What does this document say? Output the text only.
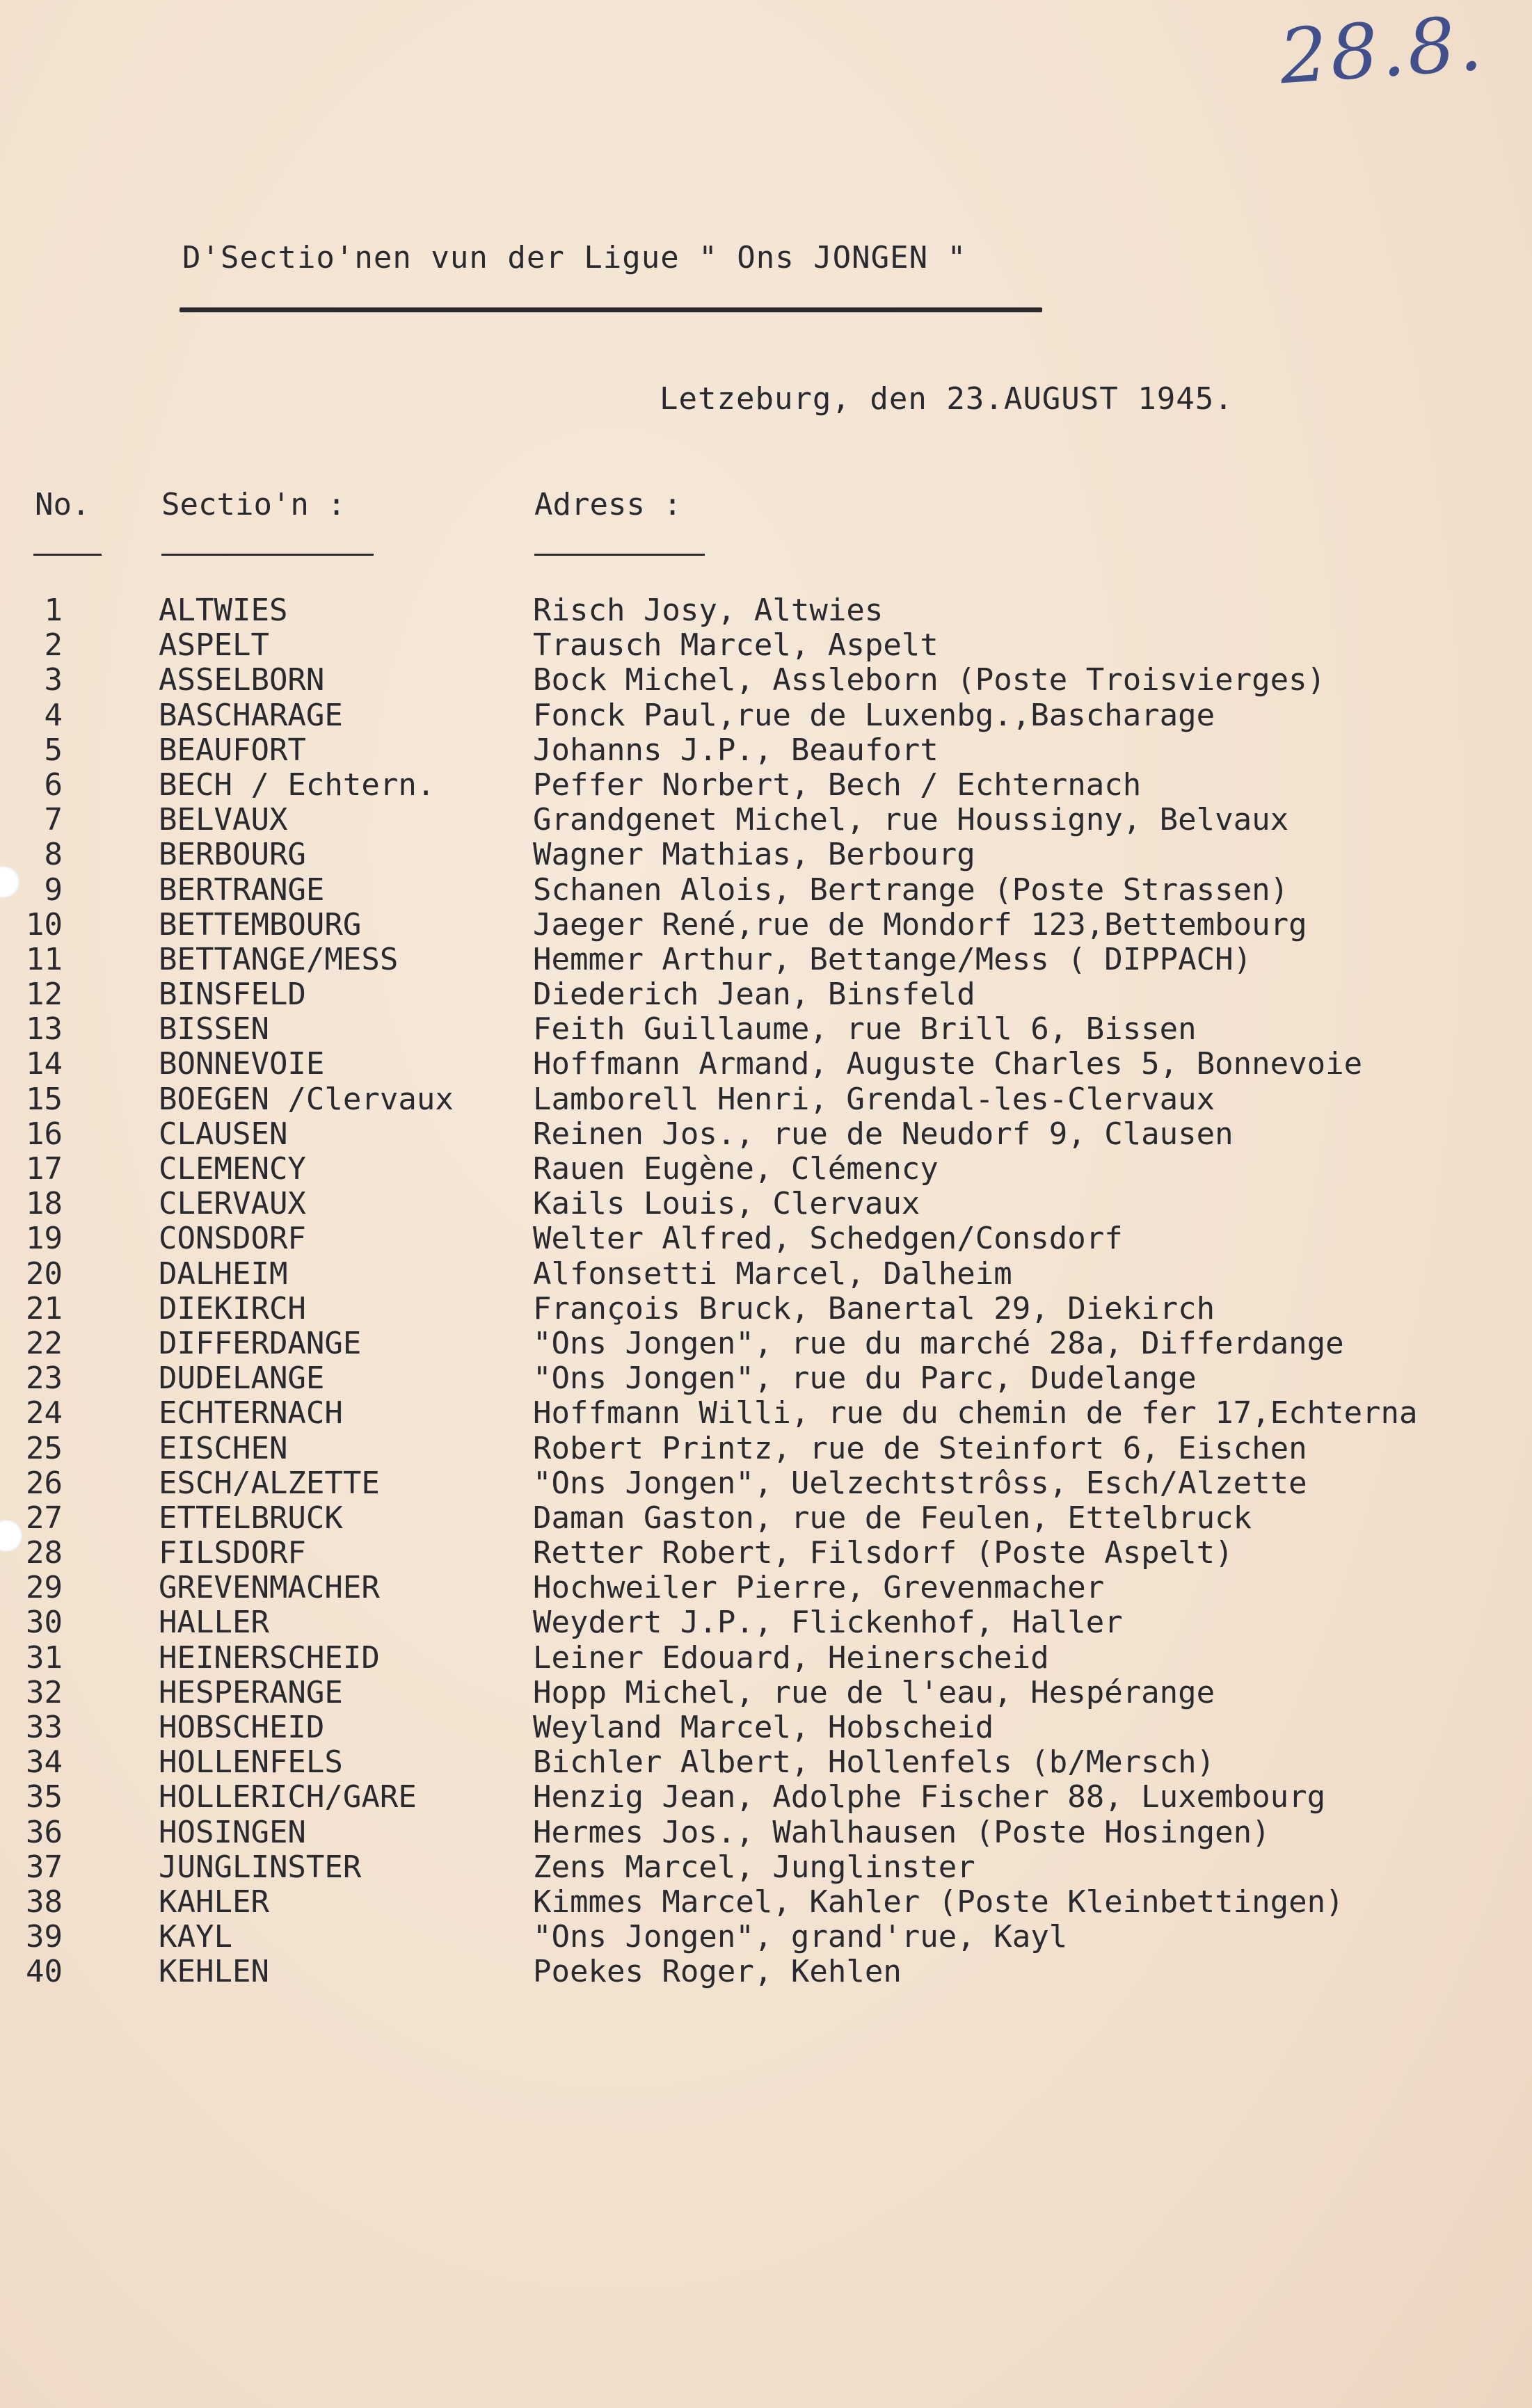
28.8.
D'Sectio'nen vun der Ligue " Ons JONGEN "
Letzeburg, den 23.AUGUST 1945.
No. Sectio'n :	Adress :
1	ALTWIES	Risch Josy, Altwies
2	ASPELT	Trausch Marcel, Aspelt
3	ASSELBORN	Bock Michel, Assleborn (Poste Troisvierges)
4	BASCHARAGE	Fonck Paul,rue de Luxenbg.,Bascharage
5	BEAUFORT	Johanns J.P., Beaufort
6	BECH / Echtern.	Peffer Norbert, Bech / Echternach
7	BELVAUX	Grandgenet Michel, rue Houssigny, Belvaux
8	BERBOURG	Wagner Mathias, Berbourg
9	BERTRANGE	Schanen Alois, Bertrange (Poste Strassen)
10	BETTEMBOURG	Jaeger René,rue de Mondorf 123,Bettembourg
11	BETTANGE/MESS	Hemmer Arthur, Bettange/Mess ( DIPPACH)
12	BINSFELD	Diederich Jean, Binsfeld
13	BISSEN	Feith Guillaume, rue Brill 6, Bissen
14	BONNEVOIE	Hoffmann Armand, Auguste Charles 5, Bonnevoie
15	BOEGEN /Clervaux	Lamborell Henri, Grendal-les-Clervaux
16	CLAUSEN	Reinen Jos., rue de Neudorf 9, Clausen
17	CLEMENCY	Rauen Eugène, Clémency
18	CLERVAUX	Kails Louis, Clervaux
19	CONSDORF	Welter Alfred, Schedgen/Consdorf
20	DALHEIM	Alfonsetti Marcel, Dalheim
21	DIEKIRCH	François Bruck, Banertal 29, Diekirch
22	DIFFERDANGE	"Ons Jongen", rue du marché 28a, Differdange
23	DUDELANGE	"Ons Jongen", rue du Parc, Dudelange
24	ECHTERNACH	Hoffmann Willi, rue du chemin de fer 17,Echterna
25	EISCHEN	Robert Printz, rue de Steinfort 6, Eischen
26	ESCH/ALZETTE	"Ons Jongen", Uelzechtstrôss, Esch/Alzette
27	ETTELBRUCK	Daman Gaston, rue de Feulen, Ettelbruck
28	FILSDORF	Retter Robert, Filsdorf (Poste Aspelt)
29	GREVENMACHER	Hochweiler Pierre, Grevenmacher
30	HALLER	Weydert J.P., Flickenhof, Haller
31	HEINERSCHEID	Leiner Edouard, Heinerscheid
32	HESPERANGE	Hopp Michel, rue de l'eau, Hespérange
33	HOBSCHEID	Weyland Marcel, Hobscheid
34	HOLLENFELS	Bichler Albert, Hollenfels (b/Mersch)
35	HOLLERICH/GARE	Henzig Jean, Adolphe Fischer 88, Luxembourg
36	HOSINGEN	Hermes Jos., Wahlhausen (Poste Hosingen)
37	JUNGLINSTER	Zens Marcel, Junglinster
38	KAHLER	Kimmes Marcel, Kahler (Poste Kleinbettingen)
39	KAYL	"Ons Jongen", grand'rue, Kayl
40	KEHLEN	Poekes Roger, Kehlen
